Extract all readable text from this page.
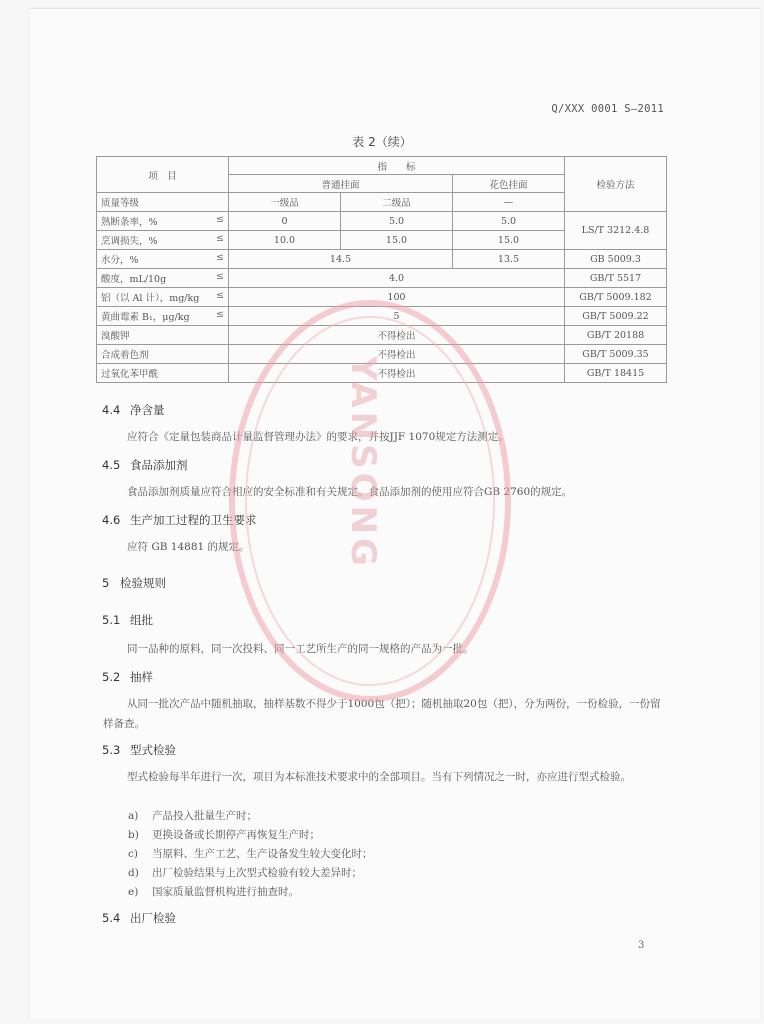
Q/XXX 0001 S—2011
表 2（续）
项　目	指　　标			检验方法
	普通挂面		花色挂面	
质量等级	一级品	二级品	—	
熟断条率，% ≤	0	5.0	5.0	LS/T 3212.4.8
烹调损失，% ≤	10.0	15.0	15.0	
水分，% ≤	14.5		13.5	GB 5009.3
酸度，mL/10g ≤	4.0			GB/T 5517
铝（以 Al 计），mg/kg ≤	100			GB/T 5009.182
黄曲霉素 B₁，μg/kg ≤	5			GB/T 5009.22
溴酸钾	不得检出			GB/T 20188
合成着色剂	不得检出			GB/T 5009.35
过氧化苯甲酰	不得检出			GB/T 18415
4.4 净含量
应符合《定量包装商品计量监督管理办法》的要求，并按JJF 1070规定方法测定。
4.5 食品添加剂
食品添加剂质量应符合相应的安全标准和有关规定。食品添加剂的使用应符合GB 2760的规定。
4.6 生产加工过程的卫生要求
应符 GB 14881 的规定。
5 检验规则
5.1 组批
同一品种的原料，同一次投料、同一工艺所生产的同一规格的产品为一批。
5.2 抽样
从同一批次产品中随机抽取，抽样基数不得少于1000包（把）；随机抽取20包（把），分为两份，一份检验，一份留样备查。
5.3 型式检验
型式检验每半年进行一次，项目为本标准技术要求中的全部项目。当有下列情况之一时，亦应进行型式检验。
a) 产品投入批量生产时；
b) 更换设备或长期停产再恢复生产时；
c) 当原料、生产工艺、生产设备发生较大变化时；
d) 出厂检验结果与上次型式检验有较大差异时；
e) 国家质量监督机构进行抽查时。
5.4 出厂检验
3
YANSONG
